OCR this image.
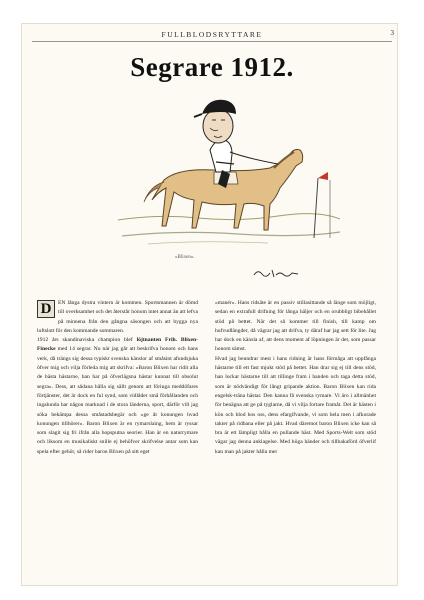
FULLBLODSRYTTARE	3
Segrare 1912.
»Blixen«.

D	EN långa dystra vintern är kommen. Sportsmannen är dömd till overksamhet och det återstår honom intet annat än att lefva på minnena från den gångna säsongen och att bygga nya luftslott för den kommande sommaren.

1912 års skandinaviska champion blef löjtnanten Frih. Blixen-Finecke med 14 segrar. Nu när jag går att beskrifva honom och hans verk, då trängs sig dessa typiskt svenska känslor af småsint afundsjuka öfver mig och vilja förleda mig att skrifva: »Baron Blixen har ridit alla de bästa hästarne, han har på öfverlägsna hästar kunnat till obsolut segra». Dess, att sådana hålla sig sällt genom att föringa meddöfares förtjänster, det är dock en ful synd, som vidlåder små förhållanden och ingalunda har någon marknad i de stora länderna, sport, därför vill jag söka bekämpa dessa småstadsbegär och »ge åt konungen hvad konungen tillhörer». Baron Blixen är en rymarslaing, hem är ryssar som slagit sig fri ifrån alla hopsputna seorier. Han är en naturrymare och liksom en musikaliskt snille ej behöfver skrifvelse antar som kan spela efter gehör, så rider baron Blixen på sitt eget

»manér». Hans ridsäte är en passiv stillasittande så länge som möjligt, sedan en extrafull drifning för långa häljer och en orubbligt bibehållet stöd på bettet. När det så kommer till finish, till kamp om hufvudlängder, då vägrar jag att drifva, ty däraf har jag sett för lite. Jag har dock en känsla af, att dens moment af löpningen är det, som passar honom sämst.

Hvad jag beundrar mest i hans ridning är hans förmåga att uppfånga hästarne till ett fast mjukt stöd på bettet. Han drar sig ej till dens stöd, han lockar hästarne till att tillinge fram i handen och taga detta stöd, som är nödvändigt för långt gripande aktion. Baron Blixen kan rida engelsk-träna hästar. Den kanna få svenska rymare. Vi äro i allmänhet för benägna att ge på tyglarne, då vi vilja fortare framåt. Det är hästen i kön och blod hos oss, dens efargifvande, vi som hela men i afkorade takter på ridbana eller på jakt. Hvad däremot baron Blixen icke kan så bra är ett lämpligt hålla en pullande häst. Med Sports-Welt som stöd vägar jag denna anklagelse. Med höga händer och tillbakaförd öfverlif kan man på jakter hålla mer
